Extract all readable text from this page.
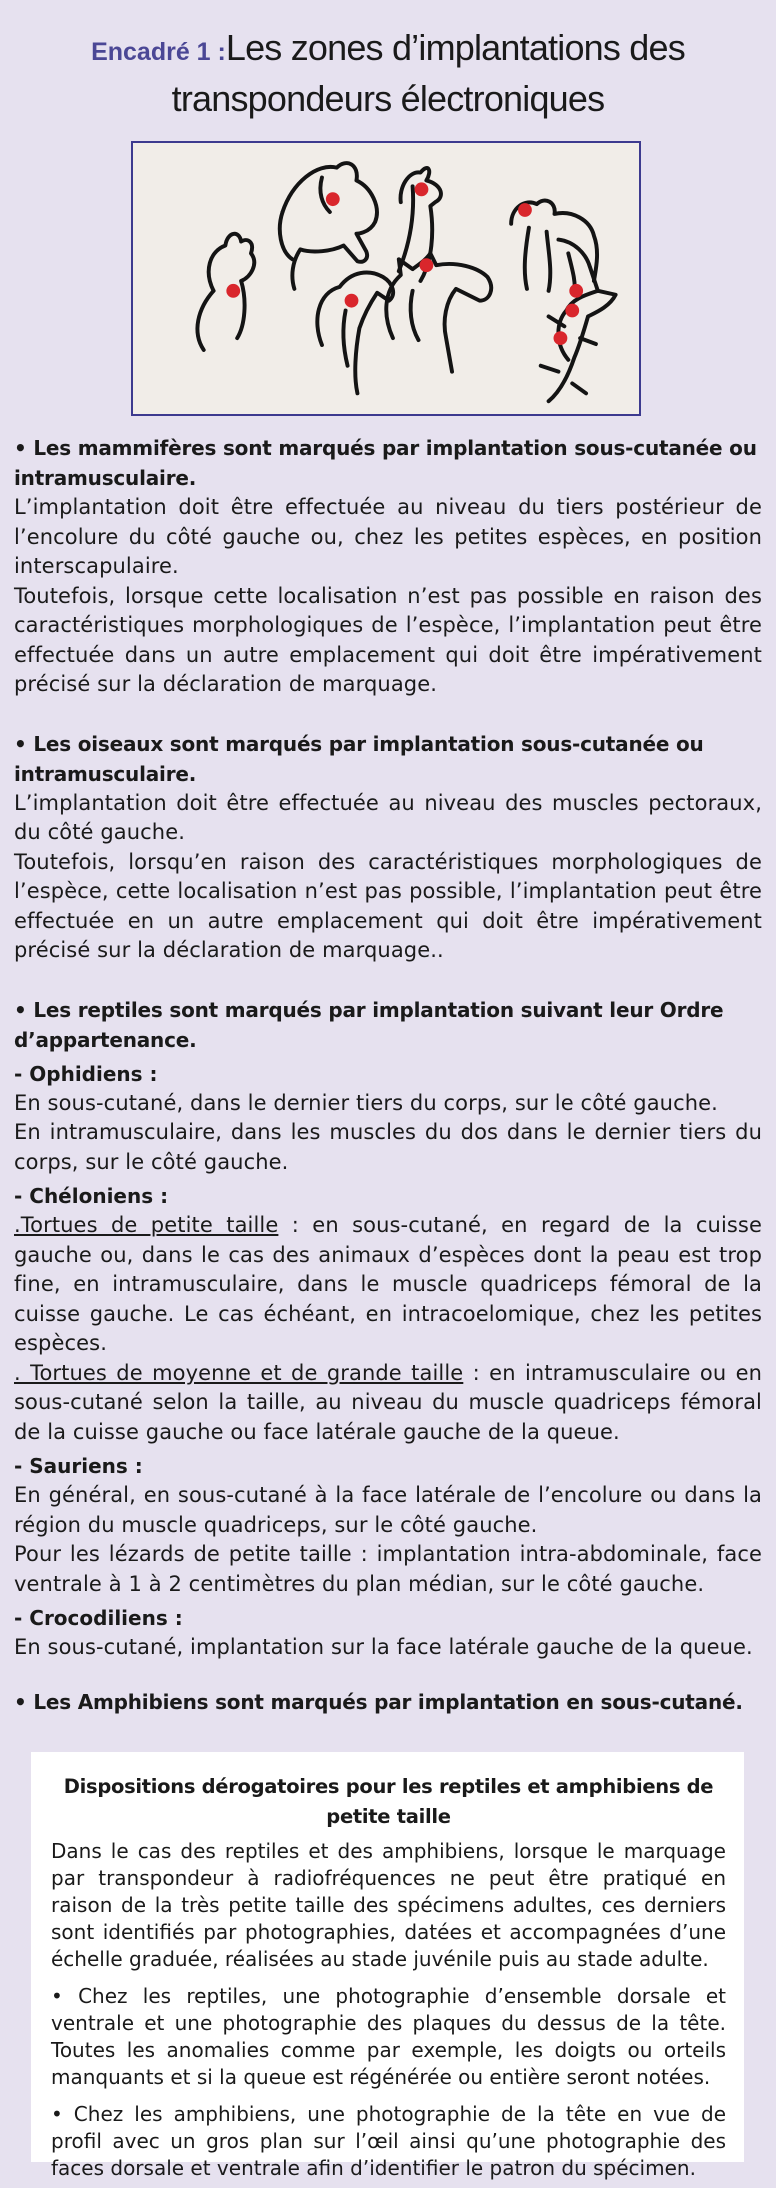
Encadré 1 :Les zones d’implantations des
transpondeurs électroniques

• Les mammifères sont marqués par implantation sous-cutanée ou intramusculaire.

L’implantation doit être effectuée au niveau du tiers postérieur de l’encolure du côté gauche ou, chez les petites espèces, en position interscapulaire.

Toutefois, lorsque cette localisation n’est pas possible en raison des caractéristiques morphologiques de l’espèce, l’implantation peut être effectuée dans un autre emplacement qui doit être impérativement précisé sur la déclaration de marquage.

• Les oiseaux sont marqués par implantation sous-cutanée ou intramusculaire.

L’implantation doit être effectuée au niveau des muscles pectoraux, du côté gauche.

Toutefois, lorsqu’en raison des caractéristiques morphologiques de l’espèce, cette localisation n’est pas possible, l’implantation peut être effectuée en un autre emplacement qui doit être impérativement précisé sur la déclaration de marquage..

• Les reptiles sont marqués par implantation suivant leur Ordre d’appartenance.

- Ophidiens :

En sous-cutané, dans le dernier tiers du corps, sur le côté gauche.

En intramusculaire, dans les muscles du dos dans le dernier tiers du corps, sur le côté gauche.

- Chéloniens :

.Tortues de petite taille : en sous-cutané, en regard de la cuisse gauche ou, dans le cas des animaux d’espèces dont la peau est trop fine, en intramusculaire, dans le muscle quadriceps fémoral de la cuisse gauche. Le cas échéant, en intracoelomique, chez les petites espèces.

. Tortues de moyenne et de grande taille : en intramusculaire ou en sous-cutané selon la taille, au niveau du muscle quadriceps fémoral de la cuisse gauche ou face latérale gauche de la queue.

- Sauriens :

En général, en sous-cutané à la face latérale de l’encolure ou dans la région du muscle quadriceps, sur le côté gauche.

Pour les lézards de petite taille : implantation intra-abdominale, face ventrale à 1 à 2 centimètres du plan médian, sur le côté gauche.

- Crocodiliens :

En sous-cutané, implantation sur la face latérale gauche de la queue.

• Les Amphibiens sont marqués par implantation en sous-cutané.

Dispositions dérogatoires pour les reptiles et amphibiens de petite taille

Dans le cas des reptiles et des amphibiens, lorsque le marquage par transpondeur à radiofréquences ne peut être pratiqué en raison de la très petite taille des spécimens adultes, ces derniers sont identifiés par photographies, datées et accompagnées d’une échelle graduée, réalisées au stade juvénile puis au stade adulte.

• Chez les reptiles, une photographie d’ensemble dorsale et ventrale et une photographie des plaques du dessus de la tête. Toutes les anomalies comme par exemple, les doigts ou orteils manquants et si la queue est régénérée ou entière seront notées.

• Chez les amphibiens, une photographie de la tête en vue de profil avec un gros plan sur l’œil ainsi qu’une photographie des faces dorsale et ventrale afin d’identifier le patron du spécimen.
